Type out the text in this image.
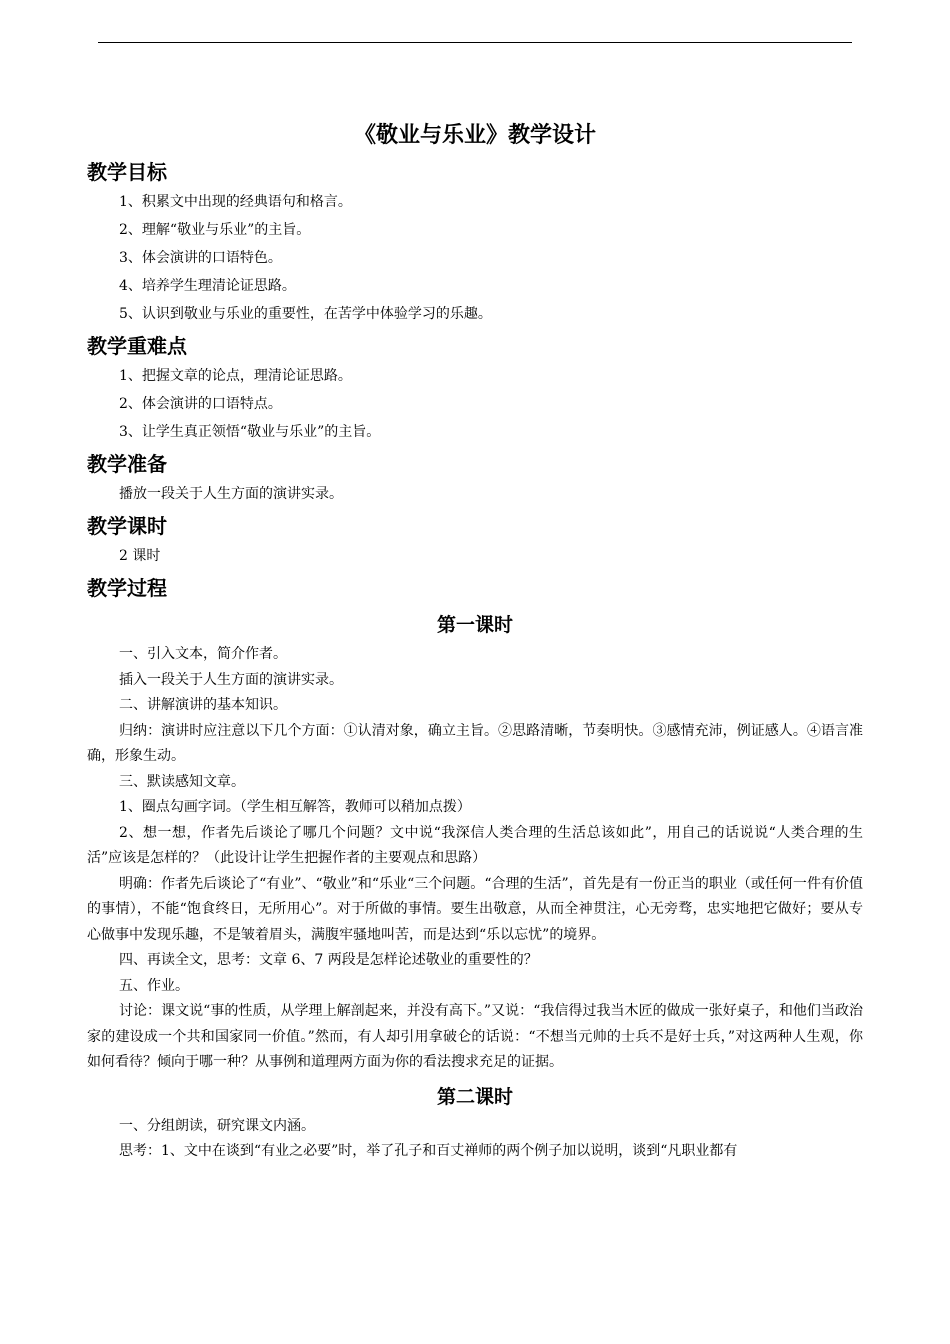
《敬业与乐业》教学设计
教学目标

1、积累文中出现的经典语句和格言。

2、理解“敬业与乐业”的主旨。

3、体会演讲的口语特色。

4、培养学生理清论证思路。

5、认识到敬业与乐业的重要性，在苦学中体验学习的乐趣。

教学重难点

1、把握文章的论点，理清论证思路。

2、体会演讲的口语特点。

3、让学生真正领悟“敬业与乐业”的主旨。

教学准备

播放一段关于人生方面的演讲实录。

教学课时

2 课时

教学过程
第一课时

一、引入文本，简介作者。

插入一段关于人生方面的演讲实录。

二、讲解演讲的基本知识。

归纳：演讲时应注意以下几个方面：①认清对象，确立主旨。②思路清晰，节奏明快。③感情充沛，例证感人。④语言准确，形象生动。

三、默读感知文章。

1、圈点勾画字词。（学生相互解答，教师可以稍加点拨）

2、想一想，作者先后谈论了哪几个问题？文中说“我深信人类合理的生活总该如此”，用自己的话说说“人类合理的生活”应该是怎样的？（此设计让学生把握作者的主要观点和思路）

明确：作者先后谈论了“有业”、“敬业”和“乐业“三个问题。“合理的生活”，首先是有一份正当的职业（或任何一件有价值的事情），不能“饱食终日，无所用心”。对于所做的事情。要生出敬意，从而全神贯注，心无旁骛，忠实地把它做好；要从专心做事中发现乐趣，不是皱着眉头，满腹牢骚地叫苦，而是达到“乐以忘忧”的境界。

四、再读全文，思考：文章 6、7 两段是怎样论述敬业的重要性的？

五、作业。

讨论：课文说“事的性质，从学理上解剖起来，并没有高下。”又说：“我信得过我当木匠的做成一张好桌子，和他们当政治家的建设成一个共和国家同一价值。”然而，有人却引用拿破仑的话说：“不想当元帅的士兵不是好士兵，”对这两种人生观，你如何看待？倾向于哪一种？从事例和道理两方面为你的看法搜求充足的证据。

第二课时

一、分组朗读，研究课文内涵。

思考：1、文中在谈到“有业之必要”时，举了孔子和百丈禅师的两个例子加以说明，谈到“凡职业都有
